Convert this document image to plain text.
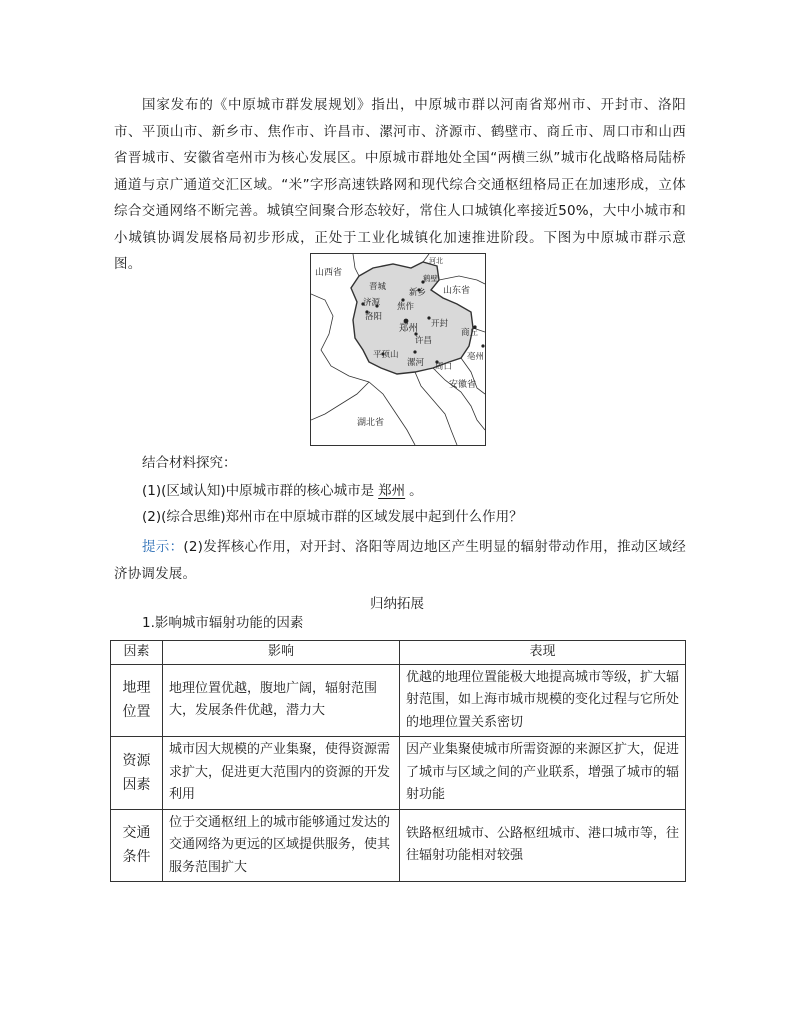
国家发布的《中原城市群发展规划》指出，中原城市群以河南省郑州市、开封市、洛阳市、平顶山市、新乡市、焦作市、许昌市、漯河市、济源市、鹤壁市、商丘市、周口市和山西省晋城市、安徽省亳州市为核心发展区。中原城市群地处全国“两横三纵”城市化战略格局陆桥通道与京广通道交汇区域。“米”字形高速铁路网和现代综合交通枢纽格局正在加速形成，立体综合交通网络不断完善。城镇空间聚合形态较好，常住人口城镇化率接近50%，大中小城市和小城镇协调发展格局初步形成，正处于工业化城镇化加速推进阶段。下图为中原城市群示意图。

山西省
河北
山东省
安徽省
湖北省
晋城
鹤壁
新乡
济源 焦作
洛阳
郑州 开封
商丘
许昌
平顶山
漯河 周口
亳州

结合材料探究：

(1)(区域认知)中原城市群的核心城市是 郑州 。

(2)(综合思维)郑州市在中原城市群的区域发展中起到什么作用？

提示：(2)发挥核心作用，对开封、洛阳等周边地区产生明显的辐射带动作用，推动区域经济协调发展。

归纳拓展

1.影响城市辐射功能的因素

因素	影响	表现
地理位置	地理位置优越，腹地广阔，辐射范围大，发展条件优越，潜力大	优越的地理位置能极大地提高城市等级，扩大辐射范围，如上海市城市规模的变化过程与它所处的地理位置关系密切
资源因素	城市因大规模的产业集聚，使得资源需求扩大，促进更大范围内的资源的开发利用	因产业集聚使城市所需资源的来源区扩大，促进了城市与区域之间的产业联系，增强了城市的辐射功能
交通条件	位于交通枢纽上的城市能够通过发达的交通网络为更远的区域提供服务，使其服务范围扩大	铁路枢纽城市、公路枢纽城市、港口城市等，往往辐射功能相对较强
